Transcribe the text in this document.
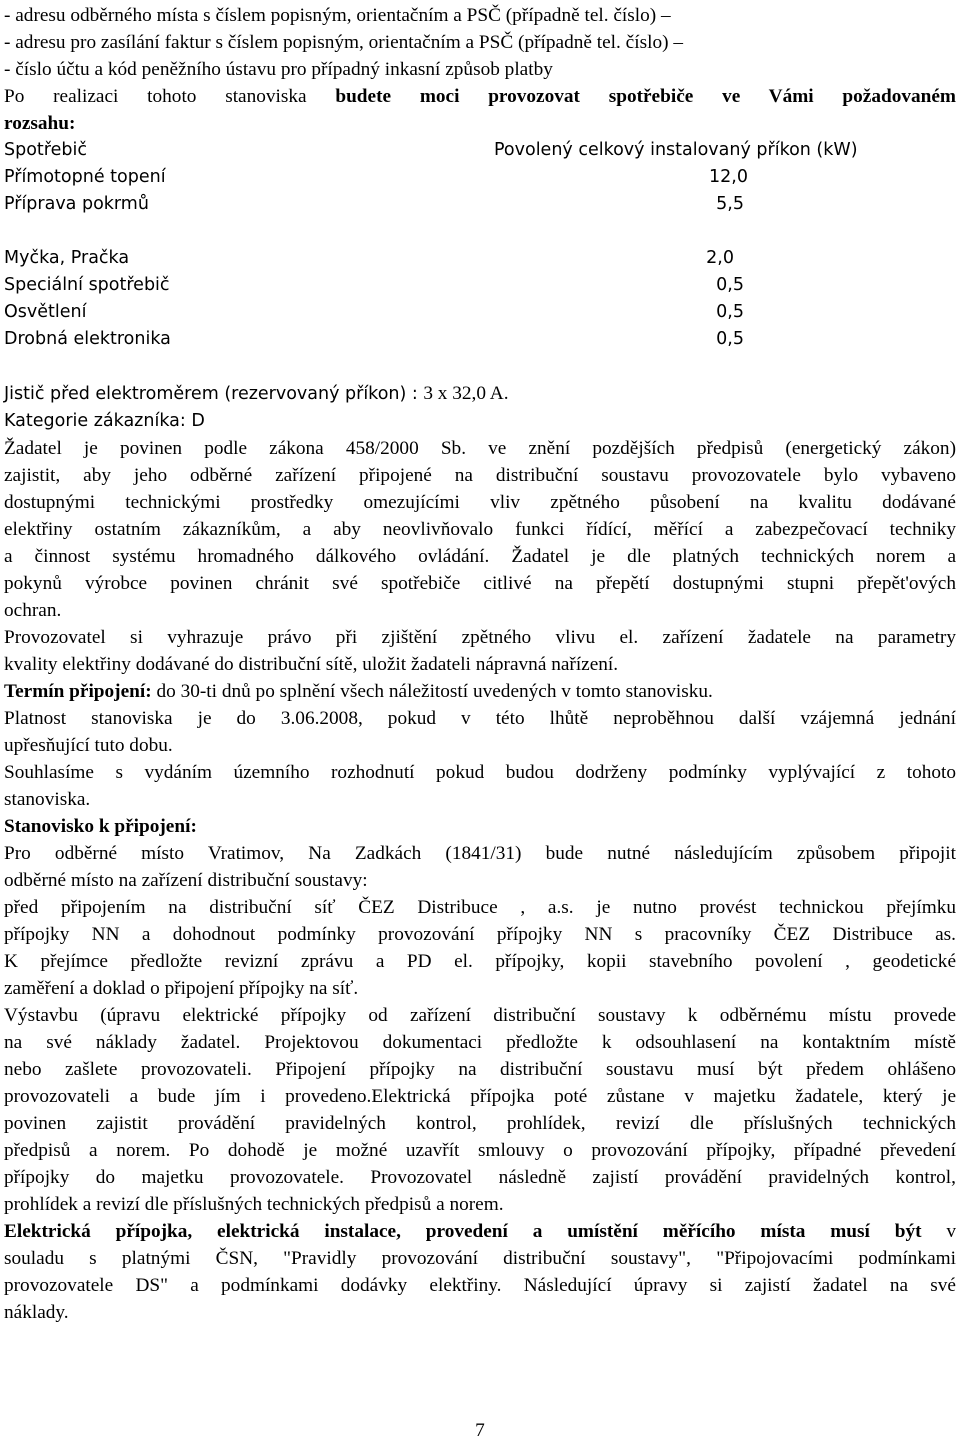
- adresu odběrného místa s číslem popisným, orientačním a PSČ (případně tel. číslo) –
- adresu pro zasílání faktur s číslem popisným, orientačním a PSČ (případně tel. číslo) –
- číslo účtu a kód peněžního ústavu pro případný inkasní způsob platby
Po realizaci tohoto stanoviska budete moci provozovat spotřebiče ve Vámi požadovaném
rozsahu:
Spotřebič	Povolený celkový instalovaný příkon (kW)
Přímotopné topení	12,0
Příprava pokrmů	5,5
Myčka, Pračka	2,0
Speciální spotřebič	0,5
Osvětlení	0,5
Drobná elektronika	0,5
Jistič před elektroměrem (rezervovaný příkon) : 3 x 32,0 A.
Kategorie zákazníka: D
Žadatel je povinen podle zákona 458/2000 Sb. ve znění pozdějších předpisů (energetický zákon)
zajistit, aby jeho odběrné zařízení připojené na distribuční soustavu provozovatele bylo vybaveno
dostupnými technickými prostředky omezujícími vliv zpětného působení na kvalitu dodávané
elektřiny ostatním zákazníkům, a aby neovlivňovalo funkci řídící, měřící a zabezpečovací techniky
a činnost systému hromadného dálkového ovládání. Žadatel je dle platných technických norem a
pokynů výrobce povinen chránit své spotřebiče citlivé na přepětí dostupnými stupni přepět'ových
ochran.
Provozovatel si vyhrazuje právo při zjištění zpětného vlivu el. zařízení žadatele na parametry
kvality elektřiny dodávané do distribuční sítě, uložit žadateli nápravná nařízení.
Termín připojení: do 30-ti dnů po splnění všech náležitostí uvedených v tomto stanovisku.
Platnost stanoviska je do 3.06.2008, pokud v této lhůtě neproběhnou další vzájemná jednání
upřesňující tuto dobu.
Souhlasíme s vydáním územního rozhodnutí pokud budou dodrženy podmínky vyplývající z tohoto
stanoviska.
Stanovisko k připojení:
Pro odběrné místo Vratimov, Na Zadkách (1841/31) bude nutné následujícím způsobem připojit
odběrné místo na zařízení distribuční soustavy:
před připojením na distribuční síť ČEZ Distribuce , a.s. je nutno provést technickou přejímku
přípojky NN a dohodnout podmínky provozování přípojky NN s pracovníky ČEZ Distribuce as.
K přejímce předložte revizní zprávu a PD el. přípojky, kopii stavebního povolení , geodetické
zaměření a doklad o připojení přípojky na síť.
Výstavbu (úpravu elektrické přípojky od zařízení distribuční soustavy k odběrnému místu provede
na své náklady žadatel. Projektovou dokumentaci předložte k odsouhlasení na kontaktním místě
nebo zašlete provozovateli. Připojení přípojky na distribuční soustavu musí být předem ohlášeno
provozovateli a bude jím i provedeno.Elektrická přípojka poté zůstane v majetku žadatele, který je
povinen zajistit provádění pravidelných kontrol, prohlídek, revizí dle příslušných technických
předpisů a norem. Po dohodě je možné uzavřít smlouvy o provozování přípojky, případné převedení
přípojky do majetku provozovatele. Provozovatel následně zajistí provádění pravidelných kontrol,
prohlídek a revizí dle příslušných technických předpisů a norem.
Elektrická přípojka, elektrická instalace, provedení a umístění měřícího místa musí být v
souladu s platnými ČSN, "Pravidly provozování distribuční soustavy", "Připojovacími podmínkami
provozovatele DS" a podmínkami dodávky elektřiny. Následující úpravy si zajistí žadatel na své
náklady.
7
